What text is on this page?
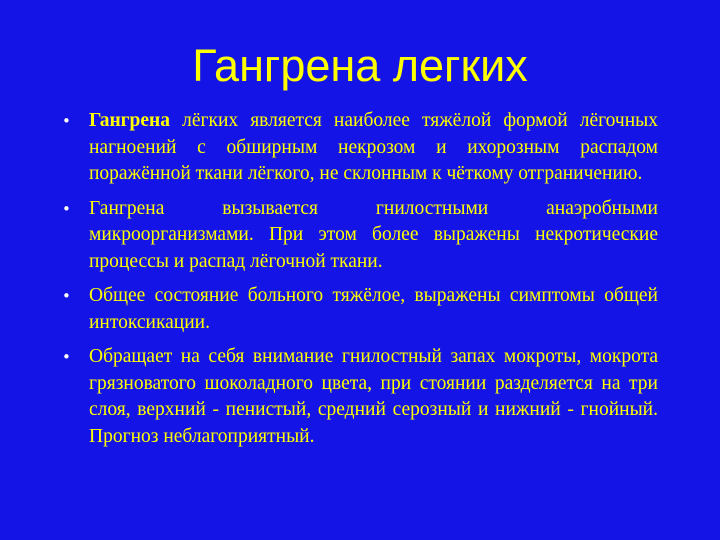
Гангрена легких
• Гангрена лёгких является наиболее тяжёлой формой лёгочных нагноений с обширным некрозом и ихорозным распадом поражённой ткани лёгкого, не склонным к чёткому отграничению.
• Гангрена вызывается гнилостными анаэробными микроорганизмами. При этом более выражены некротические процессы и распад лёгочной ткани.
• Общее состояние больного тяжёлое, выражены симптомы общей интоксикации.
• Обращает на себя внимание гнилостный запах мокроты, мокрота грязноватого шоколадного цвета, при стоянии разделяется на три слоя, верхний - пенистый, средний серозный и нижний - гнойный. Прогноз неблагоприятный.
